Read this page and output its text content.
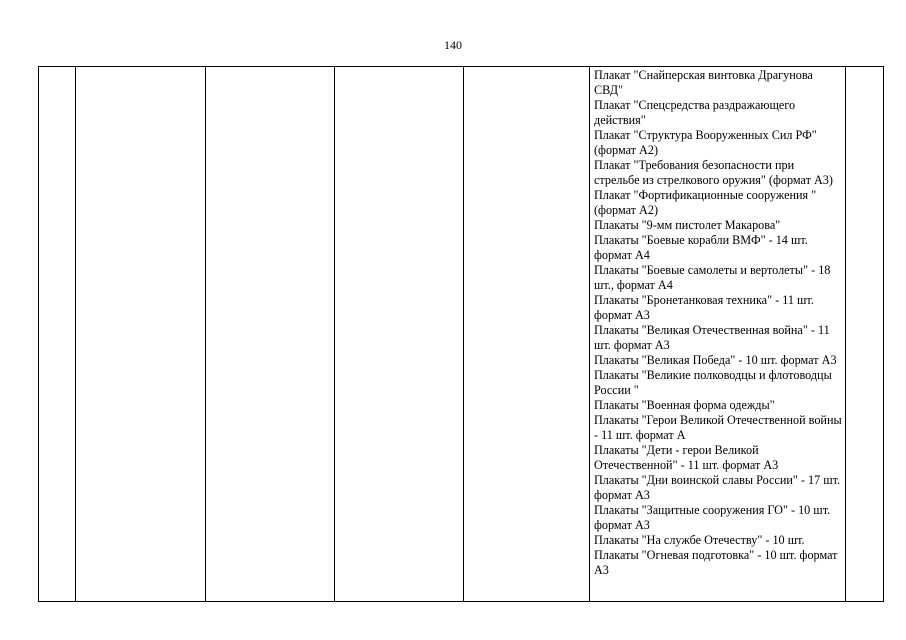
140

Плакат "Снайперская винтовка Драгунова СВД"
Плакат "Спецсредства раздражающего действия"
Плакат "Структура Вооруженных Сил РФ" (формат А2)
Плакат "Требования безопасности при стрельбе из стрелкового оружия" (формат А3)
Плакат "Фортификационные сооружения " (формат А2)
Плакаты "9-мм пистолет Макарова"
Плакаты "Боевые корабли ВМФ" - 14 шт. формат А4
Плакаты "Боевые самолеты и вертолеты" - 18 шт., формат А4
Плакаты "Бронетанковая техника" - 11 шт. формат А3
Плакаты "Великая Отечественная война" - 11 шт. формат А3
Плакаты "Великая Победа" - 10 шт. формат А3
Плакаты "Великие полководцы и флотоводцы России "
Плакаты "Военная форма одежды"
Плакаты "Герои Великой Отечественной войны - 11 шт. формат А
Плакаты "Дети - герои Великой Отечественной" - 11 шт. формат А3
Плакаты "Дни воинской славы России" - 17 шт. формат А3
Плакаты "Защитные сооружения ГО" - 10 шт. формат А3
Плакаты "На службе Отечеству" - 10 шт.
Плакаты "Огневая подготовка" - 10 шт. формат А3
